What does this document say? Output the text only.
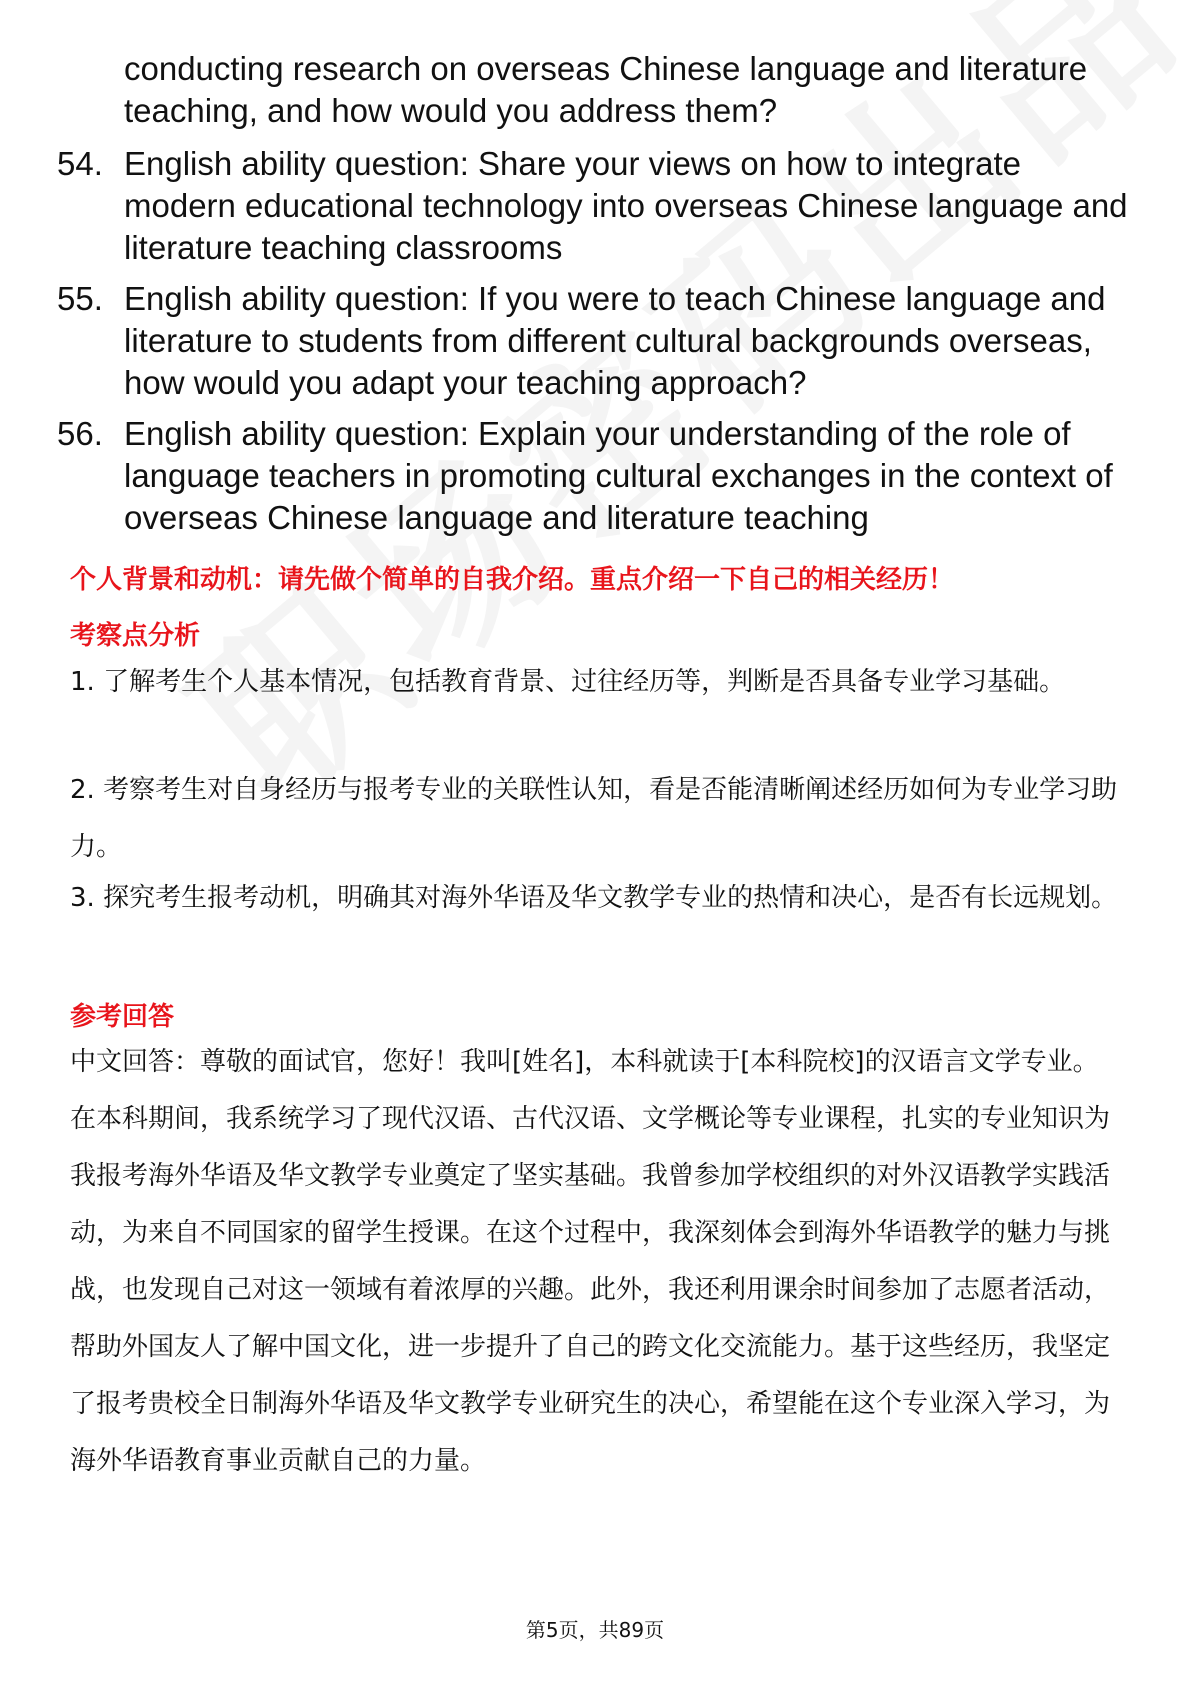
conducting research on overseas Chinese language and literature teaching, and how would you address them?
54. English ability question: Share your views on how to integrate modern educational technology into overseas Chinese language and literature teaching classrooms
55. English ability question: If you were to teach Chinese language and literature to students from different cultural backgrounds overseas, how would you adapt your teaching approach?
56. English ability question: Explain your understanding of the role of language teachers in promoting cultural exchanges in the context of overseas Chinese language and literature teaching
个人背景和动机：请先做个简单的自我介绍。重点介绍一下自己的相关经历！
考察点分析
1. 了解考生个人基本情况，包括教育背景、过往经历等，判断是否具备专业学习基础。
2. 考察考生对自身经历与报考专业的关联性认知，看是否能清晰阐述经历如何为专业学习助力。
3. 探究考生报考动机，明确其对海外华语及华文教学专业的热情和决心，是否有长远规划。
参考回答
中文回答：尊敬的面试官，您好！我叫[姓名]，本科就读于[本科院校]的汉语言文学专业。在本科期间，我系统学习了现代汉语、古代汉语、文学概论等专业课程，扎实的专业知识为我报考海外华语及华文教学专业奠定了坚实基础。我曾参加学校组织的对外汉语教学实践活动，为来自不同国家的留学生授课。在这个过程中，我深刻体会到海外华语教学的魅力与挑战，也发现自己对这一领域有着浓厚的兴趣。此外，我还利用课余时间参加了志愿者活动，帮助外国友人了解中国文化，进一步提升了自己的跨文化交流能力。基于这些经历，我坚定了报考贵校全日制海外华语及华文教学专业研究生的决心，希望能在这个专业深入学习，为海外华语教育事业贡献自己的力量。
第5页，共89页
